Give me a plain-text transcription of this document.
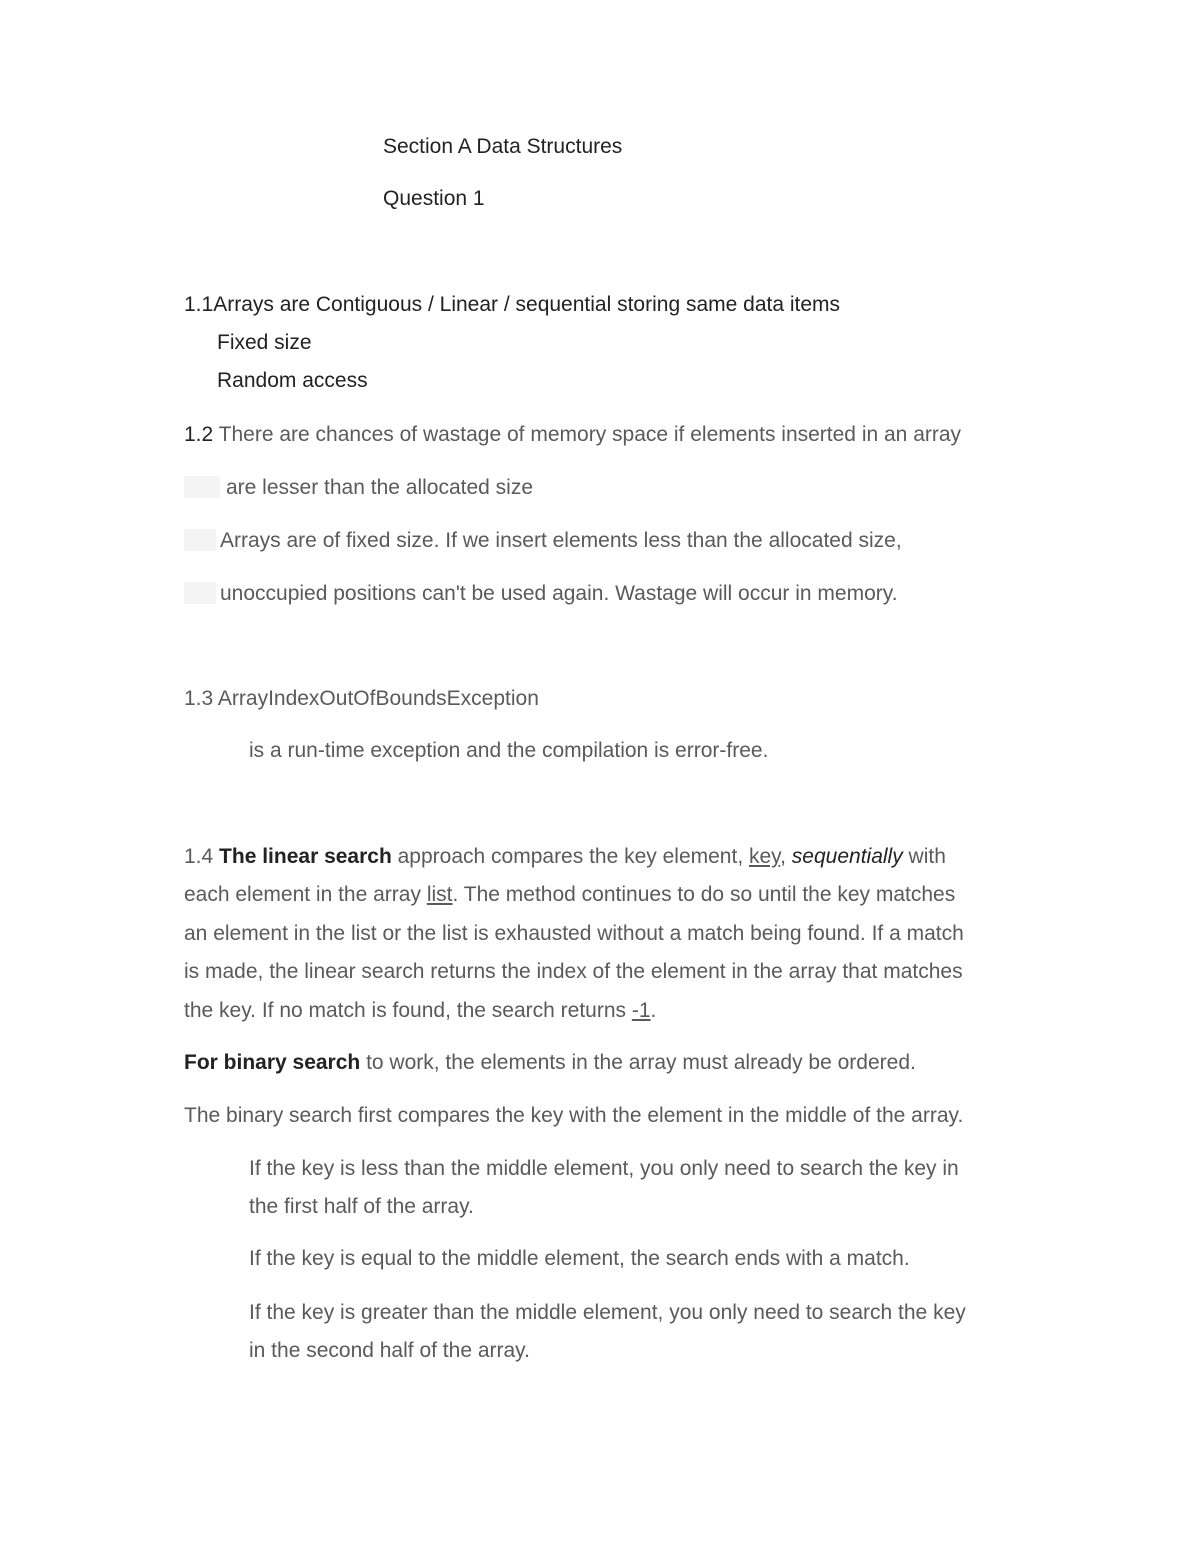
Section A Data Structures
Question 1
1.1Arrays are Contiguous / Linear / sequential storing same data items
Fixed size
Random access
1.2 There are chances of wastage of memory space if elements inserted in an array
are lesser than the allocated size
Arrays are of fixed size. If we insert elements less than the allocated size,
unoccupied positions can't be used again. Wastage will occur in memory.
1.3 ArrayIndexOutOfBoundsException
is a run-time exception and the compilation is error-free.
1.4 The linear search approach compares the key element, key, sequentially with
each element in the array list. The method continues to do so until the key matches
an element in the list or the list is exhausted without a match being found. If a match
is made, the linear search returns the index of the element in the array that matches
the key. If no match is found, the search returns -1.
For binary search to work, the elements in the array must already be ordered.
The binary search first compares the key with the element in the middle of the array.
If the key is less than the middle element, you only need to search the key in
the first half of the array.
If the key is equal to the middle element, the search ends with a match.
If the key is greater than the middle element, you only need to search the key
in the second half of the array.
